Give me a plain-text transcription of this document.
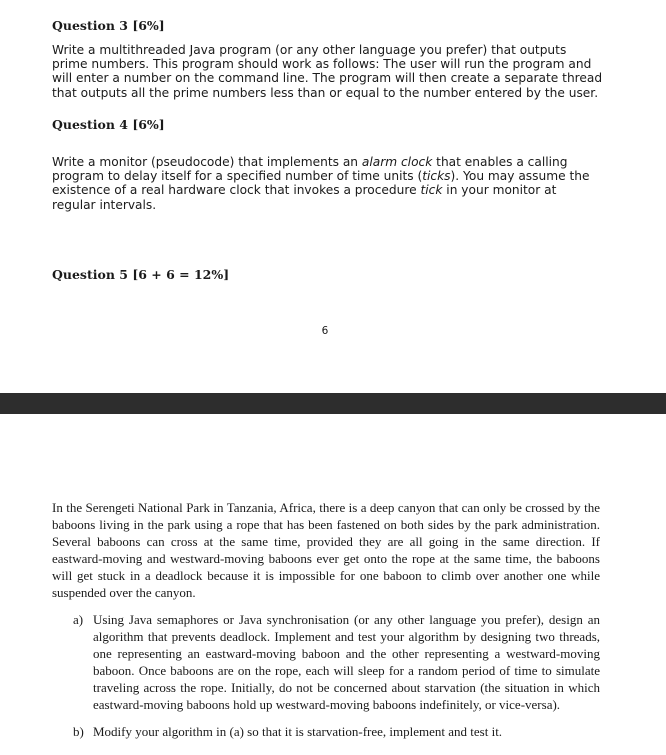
Question 3 [6%]
Write a multithreaded Java program (or any other language you prefer) that outputs
prime numbers. This program should work as follows: The user will run the program and
will enter a number on the command line. The program will then create a separate thread
that outputs all the prime numbers less than or equal to the number entered by the user.
Question 4 [6%]
Write a monitor (pseudocode) that implements an alarm clock that enables a calling
program to delay itself for a specified number of time units (ticks). You may assume the
existence of a real hardware clock that invokes a procedure tick in your monitor at
regular intervals.
Question 5 [6 + 6 = 12%]
6

In the Serengeti National Park in Tanzania, Africa, there is a deep canyon that can only be crossed by the baboons living in the park using a rope that has been fastened on both sides by the park administration. Several baboons can cross at the same time, provided they are all going in the same direction. If eastward-moving and westward-moving baboons ever get onto the rope at the same time, the baboons will get stuck in a deadlock because it is impossible for one baboon to climb over another one while suspended over the canyon.

a) Using Java semaphores or Java synchronisation (or any other language you prefer), design an algorithm that prevents deadlock. Implement and test your algorithm by designing two threads, one representing an eastward-moving baboon and the other representing a westward-moving baboon. Once baboons are on the rope, each will sleep for a random period of time to simulate traveling across the rope. Initially, do not be concerned about starvation (the situation in which eastward-moving baboons hold up westward-moving baboons indefinitely, or vice-versa).
b) Modify your algorithm in (a) so that it is starvation-free, implement and test it.
